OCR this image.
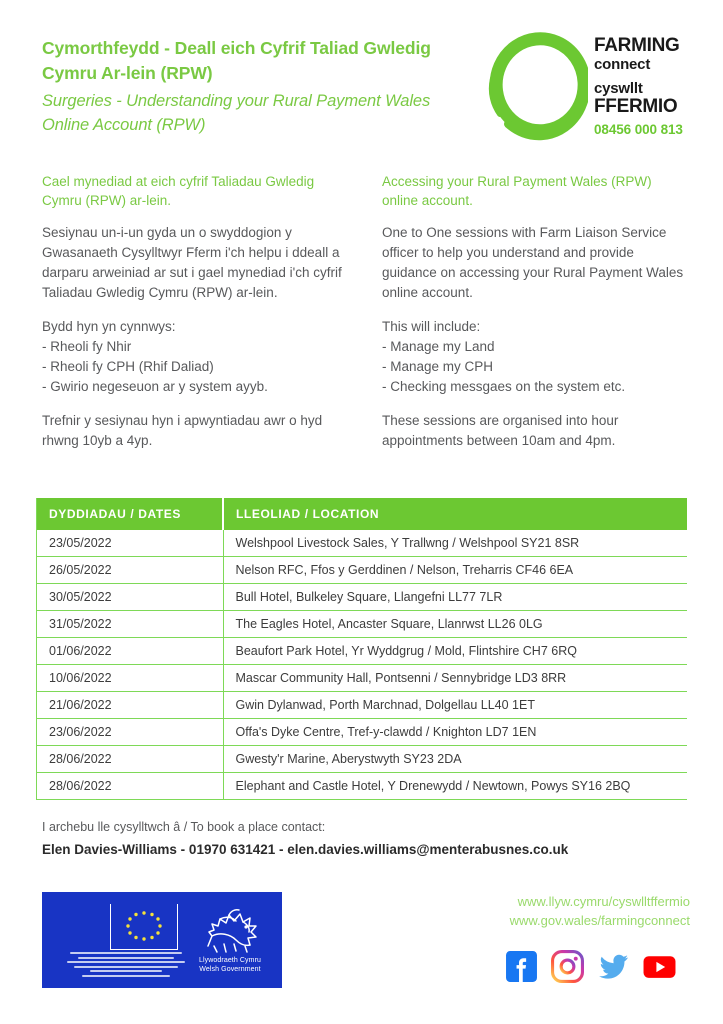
Cymorthfeydd - Deall eich Cyfrif Taliad Gwledig Cymru Ar-lein (RPW)
Surgeries - Understanding your Rural Payment Wales Online Account (RPW)
FARMING
connect
cyswllt
FFERMIO
08456 000 813
Cael mynediad at eich cyfrif Taliadau Gwledig Cymru (RPW) ar-lein.
Sesiynau un-i-un gyda un o swyddogion y Gwasanaeth Cysylltwyr Fferm i'ch helpu i ddeall a darparu arweiniad ar sut i gael mynediad i'ch cyfrif Taliadau Gwledig Cymru (RPW) ar-lein.
Bydd hyn yn cynnwys:
- Rheoli fy Nhir
- Rheoli fy CPH (Rhif Daliad)
- Gwirio negeseuon ar y system ayyb.
Trefnir y sesiynau hyn i apwyntiadau awr o hyd rhwng 10yb a 4yp.
Accessing your Rural Payment Wales (RPW) online account.
One to One sessions with Farm Liaison Service officer to help you understand and provide guidance on accessing your Rural Payment Wales online account.
This will include:
- Manage my Land
- Manage my CPH
- Checking messgaes on the system etc.
These sessions are organised into hour appointments between 10am and 4pm.
DYDDIADAU / DATES	LLEOLIAD / LOCATION
23/05/2022	Welshpool Livestock Sales, Y Trallwng / Welshpool SY21 8SR
26/05/2022	Nelson RFC, Ffos y Gerddinen / Nelson, Treharris CF46 6EA
30/05/2022	Bull Hotel, Bulkeley Square, Llangefni LL77 7LR
31/05/2022	The Eagles Hotel, Ancaster Square, Llanrwst LL26 0LG
01/06/2022	Beaufort Park Hotel, Yr Wyddgrug / Mold, Flintshire CH7 6RQ
10/06/2022	Mascar Community Hall, Pontsenni / Sennybridge LD3 8RR
21/06/2022	Gwin Dylanwad, Porth Marchnad, Dolgellau LL40 1ET
23/06/2022	Offa's Dyke Centre, Tref-y-clawdd / Knighton LD7 1EN
28/06/2022	Gwesty'r Marine, Aberystwyth SY23 2DA
28/06/2022	Elephant and Castle Hotel, Y Drenewydd / Newtown, Powys SY16 2BQ
I archebu lle cysylltwch â / To book a place contact:
Elen Davies-Williams - 01970 631421 - elen.davies.williams@menterabusnes.co.uk
Llywodraeth Cymru
Welsh Government
www.llyw.cymru/cyswlltffermio
www.gov.wales/farmingconnect
